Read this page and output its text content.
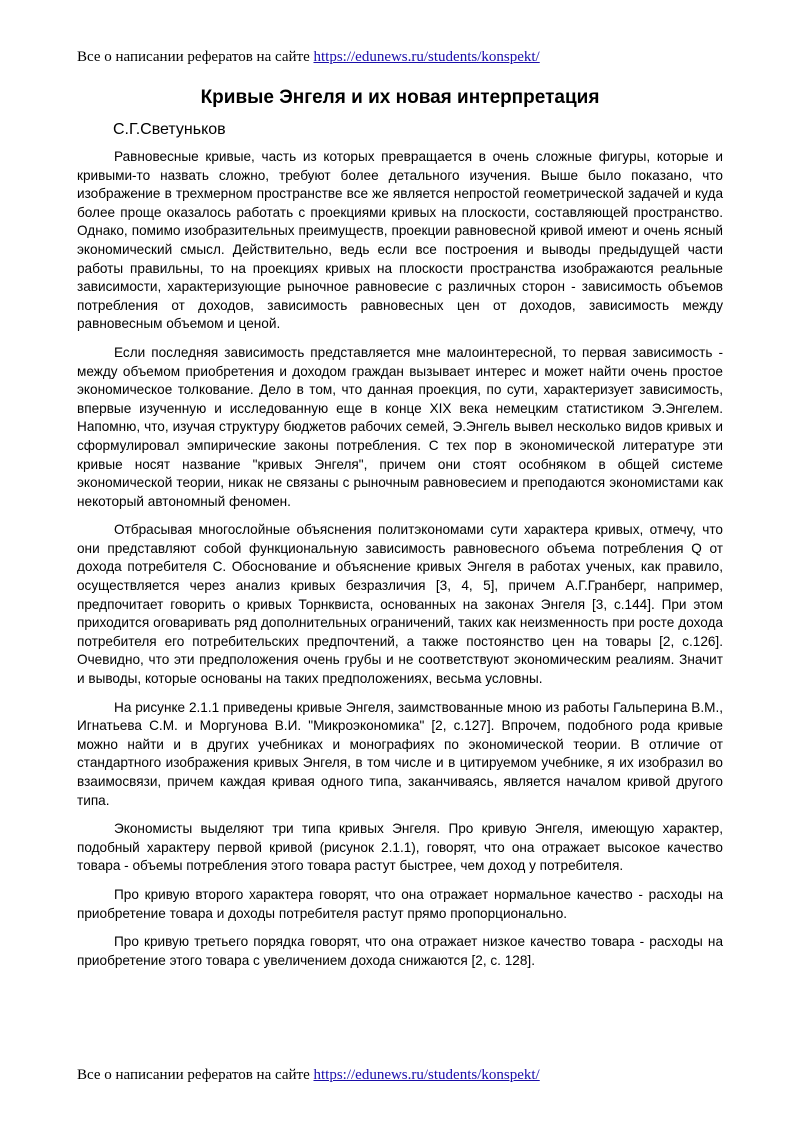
Все о написании рефератов на сайте https://edunews.ru/students/konspekt/
Кривые Энгеля и их новая интерпретация
С.Г.Светуньков

Равновесные кривые, часть из которых превращается в очень сложные фигуры, которые и кривыми-то назвать сложно, требуют более детального изучения. Выше было показано, что изображение в трехмерном пространстве все же является непростой геометрической задачей и куда более проще оказалось работать с проекциями кривых на плоскости, составляющей пространство. Однако, помимо изобразительных преимуществ, проекции равновесной кривой имеют и очень ясный экономический смысл. Действительно, ведь если все построения и выводы предыдущей части работы правильны, то на проекциях кривых на плоскости пространства изображаются реальные зависимости, характеризующие рыночное равновесие с различных сторон - зависимость объемов потребления от доходов, зависимость равновесных цен от доходов, зависимость между равновесным объемом и ценой.

Если последняя зависимость представляется мне малоинтересной, то первая зависимость - между объемом приобретения и доходом граждан вызывает интерес и может найти очень простое экономическое толкование. Дело в том, что данная проекция, по сути, характеризует зависимость, впервые изученную и исследованную еще в конце XIX века немецким статистиком Э.Энгелем. Напомню, что, изучая структуру бюджетов рабочих семей, Э.Энгель вывел несколько видов кривых и сформулировал эмпирические законы потребления. С тех пор в экономической литературе эти кривые носят название "кривых Энгеля", причем они стоят особняком в общей системе экономической теории, никак не связаны с рыночным равновесием и преподаются экономистами как некоторый автономный феномен.

Отбрасывая многослойные объяснения политэкономами сути характера кривых, отмечу, что они представляют собой функциональную зависимость равновесного объема потребления Q от дохода потребителя С. Обоснование и объяснение кривых Энгеля в работах ученых, как правило, осуществляется через анализ кривых безразличия [3, 4, 5], причем А.Г.Гранберг, например, предпочитает говорить о кривых Торнквиста, основанных на законах Энгеля [3, с.144]. При этом приходится оговаривать ряд дополнительных ограничений, таких как неизменность при росте дохода потребителя его потребительских предпочтений, а также постоянство цен на товары [2, с.126]. Очевидно, что эти предположения очень грубы и не соответствуют экономическим реалиям. Значит и выводы, которые основаны на таких предположениях, весьма условны.

На рисунке 2.1.1 приведены кривые Энгеля, заимствованные мною из работы Гальперина В.М., Игнатьева С.М. и Моргунова В.И. "Микроэкономика" [2, с.127]. Впрочем, подобного рода кривые можно найти и в других учебниках и монографиях по экономической теории. В отличие от стандартного изображения кривых Энгеля, в том числе и в цитируемом учебнике, я их изобразил во взаимосвязи, причем каждая кривая одного типа, заканчиваясь, является началом кривой другого типа.

Экономисты выделяют три типа кривых Энгеля. Про кривую Энгеля, имеющую характер, подобный характеру первой кривой (рисунок 2.1.1), говорят, что она отражает высокое качество товара - объемы потребления этого товара растут быстрее, чем доход у потребителя.

Про кривую второго характера говорят, что она отражает нормальное качество - расходы на приобретение товара и доходы потребителя растут прямо пропорционально.

Про кривую третьего порядка говорят, что она отражает низкое качество товара - расходы на приобретение этого товара с увеличением дохода снижаются [2, с. 128].

Все о написании рефератов на сайте https://edunews.ru/students/konspekt/
